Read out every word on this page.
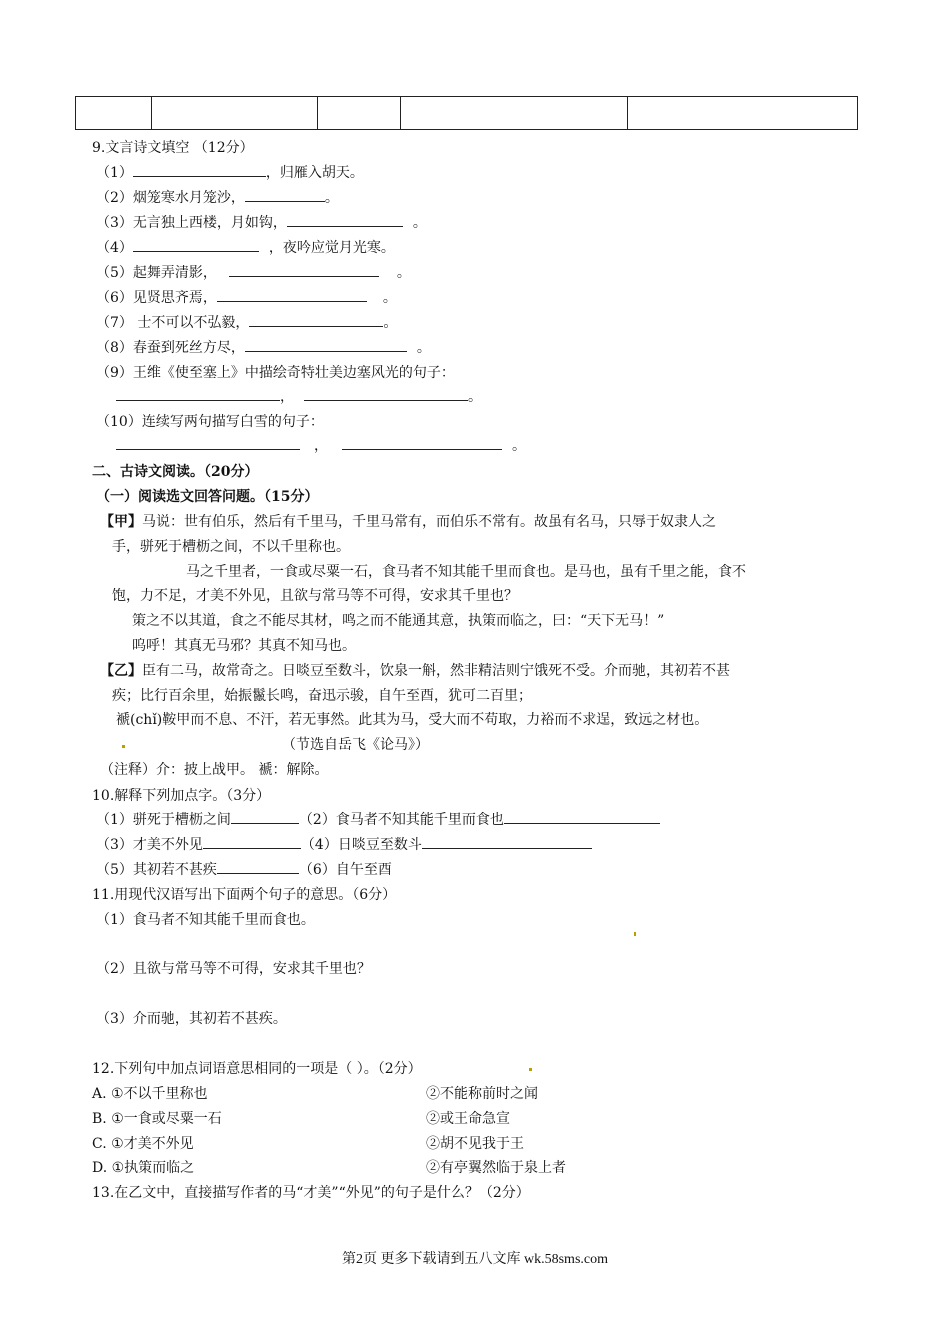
9.文言诗文填空 （12分）
（1）	，归雁入胡天。
（2）烟笼寒水月笼沙，	。
（3）无言独上西楼，月如钩，	。
（4）	，夜吟应觉月光寒。
（5）起舞弄清影，	。
（6）见贤思齐焉，	。
（7） 士不可以不弘毅，	。
（8）春蚕到死丝方尽，	。
（9）王维《使至塞上》中描绘奇特壮美边塞风光的句子：
，	。
（10）连续写两句描写白雪的句子：
，	。
二、古诗文阅读。（20分）
（一）阅读选文回答问题。（15分）
【甲】马说：世有伯乐，然后有千里马，千里马常有，而伯乐不常有。故虽有名马，只辱于奴隶人之
手，骈死于槽枥之间，不以千里称也。
马之千里者，一食或尽粟一石，食马者不知其能千里而食也。是马也，虽有千里之能，食不
饱，力不足，才美不外见，且欲与常马等不可得，安求其千里也？
策之不以其道，食之不能尽其材，鸣之而不能通其意，执策而临之，曰：“天下无马！”
呜呼！其真无马邪？其真不知马也。
【乙】臣有二马，故常奇之。日啖豆至数斗，饮泉一斛，然非精洁则宁饿死不受。介而驰，其初若不甚
疾；比行百余里，始振鬣长鸣，奋迅示骏，自午至酉，犹可二百里；
褫(chǐ)鞍甲而不息、不汗，若无事然。此其为马，受大而不苟取，力裕而不求逞，致远之材也。
（节选自岳飞《论马》）
（注释）介：披上战甲。 褫：解除。
10.解释下列加点字。（3分）
（1）骈死于槽枥之间	（2）食马者不知其能千里而食也
（3）才美不外见	（4）日啖豆至数斗
（5）其初若不甚疾	（6）自午至酉
11.用现代汉语写出下面两个句子的意思。（6分）
（1）食马者不知其能千里而食也。
（2）且欲与常马等不可得，安求其千里也？
（3）介而驰，其初若不甚疾。
12.下列句中加点词语意思相同的一项是（ ）。（2分）
A. ①不以千里称也	②不能称前时之闻
B. ①一食或尽粟一石	②或王命急宣
C. ①才美不外见	②胡不见我于王
D. ①执策而临之	②有亭翼然临于泉上者
13.在乙文中，直接描写作者的马“才美”“外见”的句子是什么？（2分）
第2页 更多下载请到五八文库 wk.58sms.com
